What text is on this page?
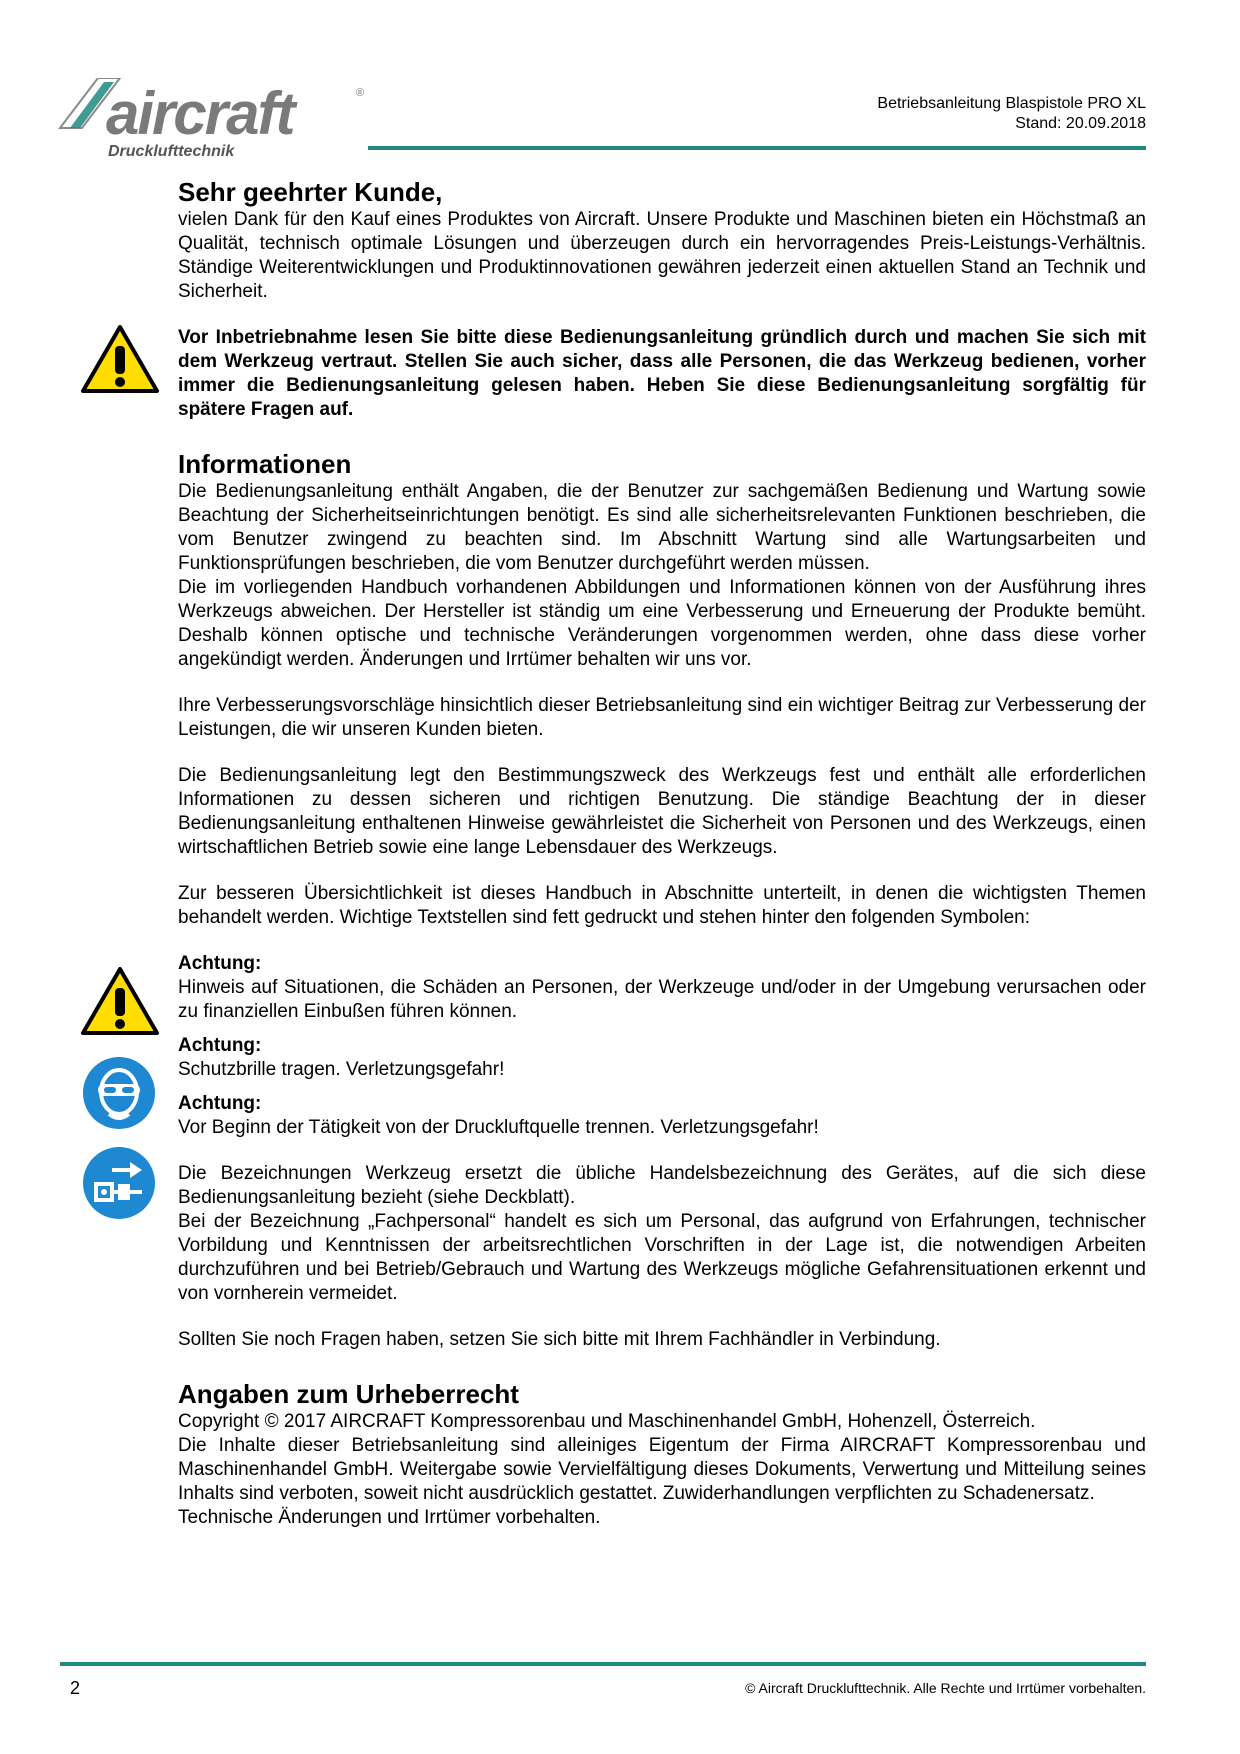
aircraft
Drucklufttechnik
®
Betriebsanleitung Blaspistole PRO XL
Stand: 20.09.2018
Sehr geehrter Kunde,

vielen Dank für den Kauf eines Produktes von Aircraft. Unsere Produkte und Maschinen bieten ein Höchstmaß an Qualität, technisch optimale Lösungen und überzeugen durch ein hervorragendes Preis-Leistungs-Verhältnis. Ständige Weiterentwicklungen und Produktinnovationen gewähren jederzeit einen aktuellen Stand an Technik und Sicherheit.

Vor Inbetriebnahme lesen Sie bitte diese Bedienungsanleitung gründlich durch und machen Sie sich mit dem Werkzeug vertraut. Stellen Sie auch sicher, dass alle Personen, die das Werkzeug bedienen, vorher immer die Bedienungsanleitung gelesen haben. Heben Sie diese Bedienungsanleitung sorgfältig für spätere Fragen auf.

Informationen

Die Bedienungsanleitung enthält Angaben, die der Benutzer zur sachgemäßen Bedienung und Wartung sowie Beachtung der Sicherheitseinrichtungen benötigt. Es sind alle sicherheitsrelevanten Funktionen beschrieben, die vom Benutzer zwingend zu beachten sind. Im Abschnitt Wartung sind alle Wartungsarbeiten und Funktionsprüfungen beschrieben, die vom Benutzer durchgeführt werden müssen.

Die im vorliegenden Handbuch vorhandenen Abbildungen und Informationen können von der Ausführung ihres Werkzeugs abweichen. Der Hersteller ist ständig um eine Verbesserung und Erneuerung der Produkte bemüht. Deshalb können optische und technische Veränderungen vorgenommen werden, ohne dass diese vorher angekündigt werden. Änderungen und Irrtümer behalten wir uns vor.

Ihre Verbesserungsvorschläge hinsichtlich dieser Betriebsanleitung sind ein wichtiger Beitrag zur Verbesserung der Leistungen, die wir unseren Kunden bieten.

Die Bedienungsanleitung legt den Bestimmungszweck des Werkzeugs fest und enthält alle erforderlichen Informationen zu dessen sicheren und richtigen Benutzung. Die ständige Beachtung der in dieser Bedienungsanleitung enthaltenen Hinweise gewährleistet die Sicherheit von Personen und des Werkzeugs, einen wirtschaftlichen Betrieb sowie eine lange Lebensdauer des Werkzeugs.

Zur besseren Übersichtlichkeit ist dieses Handbuch in Abschnitte unterteilt, in denen die wichtigsten Themen behandelt werden. Wichtige Textstellen sind fett gedruckt und stehen hinter den folgenden Symbolen:

Achtung:

Hinweis auf Situationen, die Schäden an Personen, der Werkzeuge und/oder in der Umgebung verursachen oder zu finanziellen Einbußen führen können.

Achtung:

Schutzbrille tragen. Verletzungsgefahr!

Achtung:

Vor Beginn der Tätigkeit von der Druckluftquelle trennen. Verletzungsgefahr!

Die Bezeichnungen Werkzeug ersetzt die übliche Handelsbezeichnung des Gerätes, auf die sich diese Bedienungsanleitung bezieht (siehe Deckblatt).

Bei der Bezeichnung „Fachpersonal“ handelt es sich um Personal, das aufgrund von Erfahrungen, technischer Vorbildung und Kenntnissen der arbeitsrechtlichen Vorschriften in der Lage ist, die notwendigen Arbeiten durchzuführen und bei Betrieb/Gebrauch und Wartung des Werkzeugs mögliche Gefahrensituationen erkennt und von vornherein vermeidet.

Sollten Sie noch Fragen haben, setzen Sie sich bitte mit Ihrem Fachhändler in Verbindung.

Angaben zum Urheberrecht

Copyright © 2017 AIRCRAFT Kompressorenbau und Maschinenhandel GmbH, Hohenzell, Österreich.

Die Inhalte dieser Betriebsanleitung sind alleiniges Eigentum der Firma AIRCRAFT Kompressorenbau und Maschinenhandel GmbH. Weitergabe sowie Vervielfältigung dieses Dokuments, Verwertung und Mitteilung seines Inhalts sind verboten, soweit nicht ausdrücklich gestattet. Zuwiderhandlungen verpflichten zu Schadenersatz.

Technische Änderungen und Irrtümer vorbehalten.

2	© Aircraft Drucklufttechnik. Alle Rechte und Irrtümer vorbehalten.
